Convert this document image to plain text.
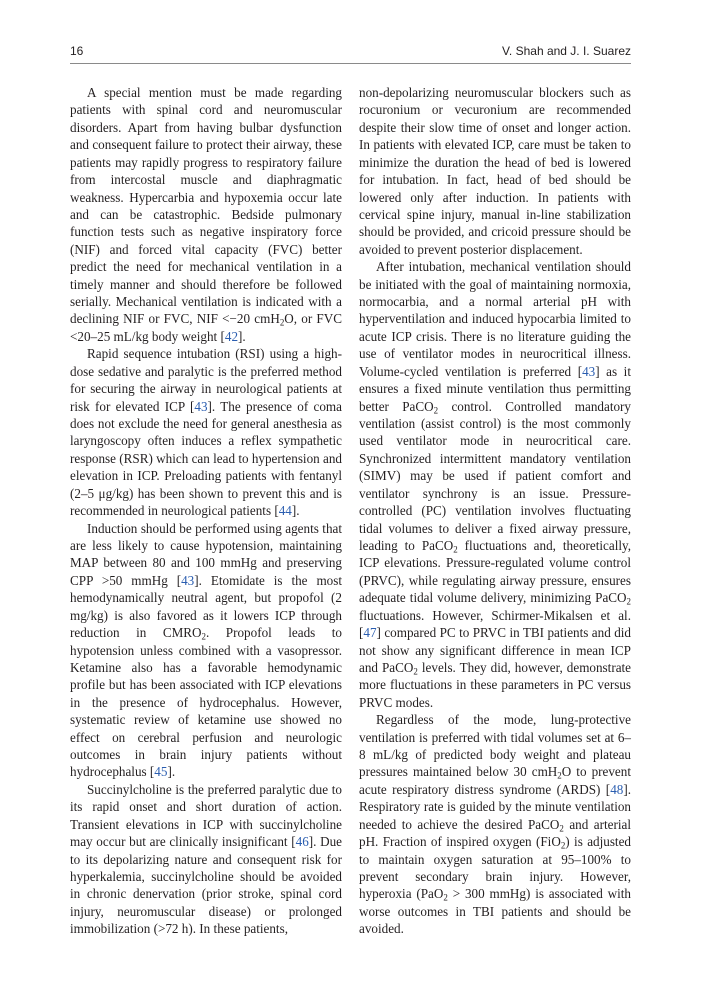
16	V. Shah and J. I. Suarez

A special mention must be made regarding patients with spinal cord and neuromuscular disorders. Apart from having bulbar dysfunction and consequent failure to protect their airway, these patients may rapidly progress to respiratory failure from intercostal muscle and diaphragmatic weakness. Hypercarbia and hypoxemia occur late and can be catastrophic. Bedside pulmonary function tests such as negative inspiratory force (NIF) and forced vital capacity (FVC) better predict the need for mechanical ventilation in a timely manner and should therefore be followed serially. Mechanical ventilation is indicated with a declining NIF or FVC, NIF <−20 cmH$_2$O, or FVC <20–25 mL/kg body weight [42].

Rapid sequence intubation (RSI) using a high-dose sedative and paralytic is the preferred method for securing the airway in neurological patients at risk for elevated ICP [43]. The presence of coma does not exclude the need for general anesthesia as laryngoscopy often induces a reflex sympathetic response (RSR) which can lead to hypertension and elevation in ICP. Preloading patients with fentanyl (2–5 μg/kg) has been shown to prevent this and is recommended in neurological patients [44].

Induction should be performed using agents that are less likely to cause hypotension, maintaining MAP between 80 and 100 mmHg and preserving CPP >50 mmHg [43]. Etomidate is the most hemodynamically neutral agent, but propofol (2 mg/kg) is also favored as it lowers ICP through reduction in $CMRO_2$. Propofol leads to hypotension unless combined with a vasopressor. Ketamine also has a favorable hemodynamic profile but has been associated with ICP elevations in the presence of hydrocephalus. However, systematic review of ketamine use showed no effect on cerebral perfusion and neurologic outcomes in brain injury patients without hydrocephalus [45].

Succinylcholine is the preferred paralytic due to its rapid onset and short duration of action. Transient elevations in ICP with succinylcholine may occur but are clinically insignificant [46]. Due to its depolarizing nature and consequent risk for hyperkalemia, succinylcholine should be avoided in chronic denervation (prior stroke, spinal cord injury, neuromuscular disease) or prolonged immobilization (>72 h). In these patients,

non-depolarizing neuromuscular blockers such as rocuronium or vecuronium are recommended despite their slow time of onset and longer action. In patients with elevated ICP, care must be taken to minimize the duration the head of bed is lowered for intubation. In fact, head of bed should be lowered only after induction. In patients with cervical spine injury, manual in-line stabilization should be provided, and cricoid pressure should be avoided to prevent posterior displacement.

After intubation, mechanical ventilation should be initiated with the goal of maintaining normoxia, normocarbia, and a normal arterial pH with hyperventilation and induced hypocarbia limited to acute ICP crisis. There is no literature guiding the use of ventilator modes in neurocritical illness. Volume-cycled ventilation is preferred [43] as it ensures a fixed minute ventilation thus permitting better PaCO$_2$ control. Controlled mandatory ventilation (assist control) is the most commonly used ventilator mode in neurocritical care. Synchronized intermittent mandatory ventilation (SIMV) may be used if patient comfort and ventilator synchrony is an issue. Pressure-controlled (PC) ventilation involves fluctuating tidal volumes to deliver a fixed airway pressure, leading to PaCO$_2$ fluctuations and, theoretically, ICP elevations. Pressure-regulated volume control (PRVC), while regulating airway pressure, ensures adequate tidal volume delivery, minimizing PaCO$_2$ fluctuations. However, Schirmer-Mikalsen et al. [47] compared PC to PRVC in TBI patients and did not show any significant difference in mean ICP and PaCO$_2$ levels. They did, however, demonstrate more fluctuations in these parameters in PC versus PRVC modes.

Regardless of the mode, lung-protective ventilation is preferred with tidal volumes set at 6–8 mL/kg of predicted body weight and plateau pressures maintained below 30 cmH$_2$O to prevent acute respiratory distress syndrome (ARDS) [48]. Respiratory rate is guided by the minute ventilation needed to achieve the desired PaCO$_2$ and arterial pH. Fraction of inspired oxygen (FiO$_2$) is adjusted to maintain oxygen saturation at 95–100% to prevent secondary brain injury. However, hyperoxia (PaO$_2$ > 300 mmHg) is associated with worse outcomes in TBI patients and should be avoided.
